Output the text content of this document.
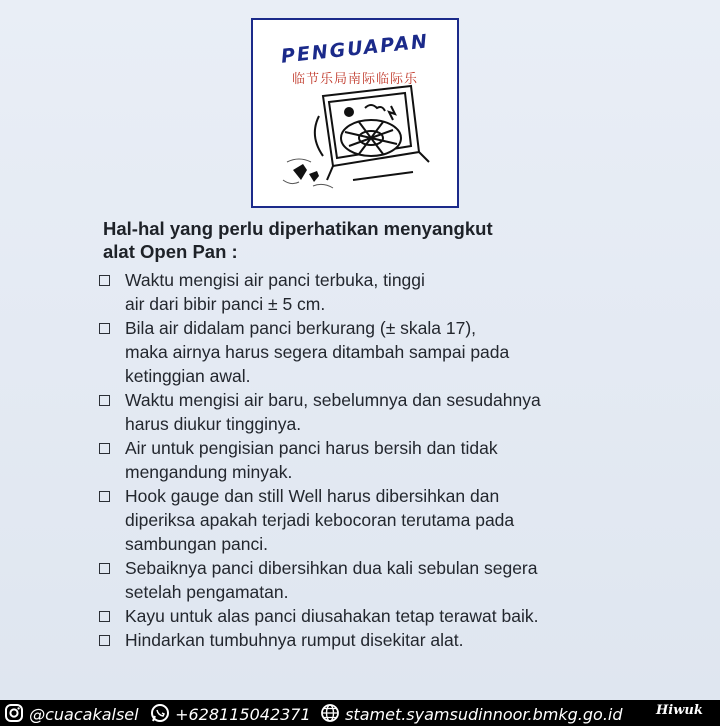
PENGUAPAN
临节乐局南际临际乐
Hal-hal yang perlu diperhatikan menyangkut
alat Open Pan :
Waktu mengisi air panci terbuka, tinggi
air dari bibir panci ± 5 cm.
Bila air didalam panci berkurang (± skala 17),
maka airnya harus segera ditambah sampai pada
ketinggian awal.
Waktu mengisi air baru, sebelumnya dan sesudahnya
harus diukur tingginya.
Air untuk pengisian panci harus bersih dan tidak
mengandung minyak.
Hook gauge dan still Well harus dibersihkan dan
diperiksa apakah terjadi kebocoran terutama pada
sambungan panci.
Sebaiknya panci dibersihkan dua kali sebulan segera
setelah pengamatan.
Kayu untuk alas panci diusahakan tetap terawat baik.
Hindarkan tumbuhnya rumput disekitar alat.
@cuacakalsel	+628115042371	stamet.syamsudinnoor.bmkg.go.id	Hiwuk
